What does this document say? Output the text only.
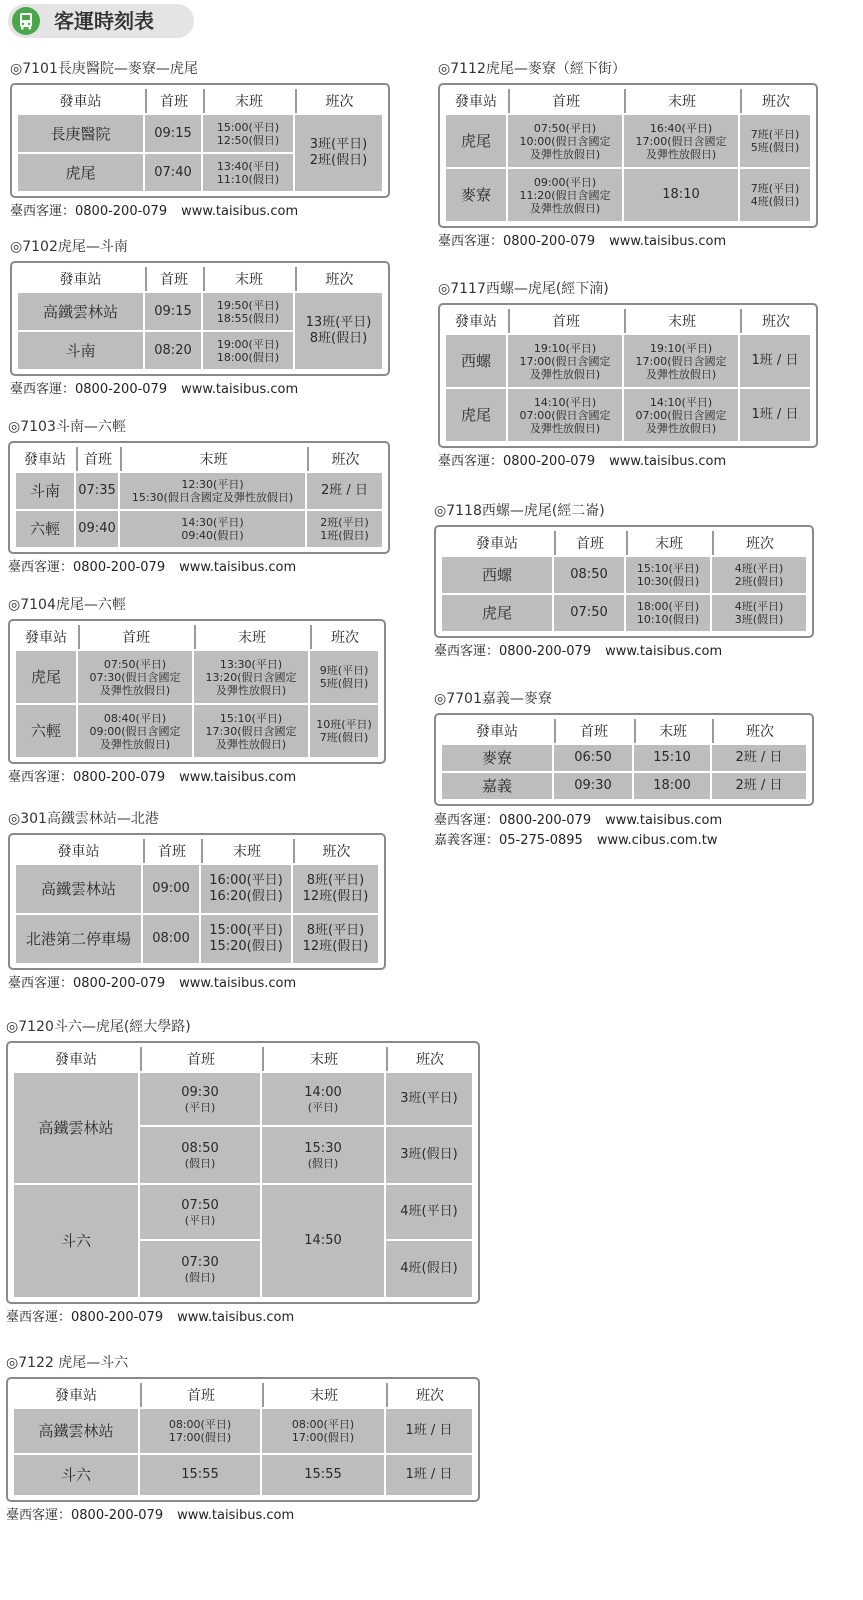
客運時刻表
◎7101長庚醫院—麥寮—虎尾
發車站	首班	末班	班次
長庚醫院	09:15	15:00(平日)
12:50(假日)	3班(平日)
2班(假日)

虎尾	07:40	13:40(平日)
11:10(假日)	
臺西客運：0800-200-079 www.taisibus.com
◎7102虎尾—斗南
發車站	首班	末班	班次
高鐵雲林站	09:15	19:50(平日)
18:55(假日)	13班(平日)
8班(假日)

斗南	08:20	19:00(平日)
18:00(假日)	
臺西客運：0800-200-079 www.taisibus.com
◎7103斗南—六輕
發車站	首班	末班	班次
斗南	07:35	12:30(平日)
15:30(假日含國定及彈性放假日)	2班 / 日
六輕	09:40	14:30(平日)
09:40(假日)	2班(平日)
1班(假日)
臺西客運：0800-200-079 www.taisibus.com
◎7104虎尾—六輕
發車站	首班	末班	班次
虎尾	07:50(平日)
07:30(假日含國定
及彈性放假日)	13:30(平日)
13:20(假日含國定
及彈性放假日)	9班(平日)
5班(假日)

六輕	08:40(平日)
09:00(假日含國定
及彈性放假日)	15:10(平日)
17:30(假日含國定
及彈性放假日)	10班(平日)
7班(假日)
臺西客運：0800-200-079 www.taisibus.com
◎301高鐵雲林站—北港
發車站	首班	末班	班次
高鐵雲林站	09:00	16:00(平日)
16:20(假日)	8班(平日)
12班(假日)

北港第二停車場	08:00	15:00(平日)
15:20(假日)	8班(平日)
12班(假日)
臺西客運：0800-200-079 www.taisibus.com
◎7120斗六—虎尾(經大學路)
發車站	首班	末班	班次
高鐵雲林站	09:30
(平日)	14:00
(平日)	3班(平日)

	08:50
(假日)	15:30
(假日)	3班(假日)
斗六	07:50
(平日)	14:50	4班(平日)

	07:30
(假日)		4班(假日)
臺西客運：0800-200-079 www.taisibus.com
◎7122 虎尾—斗六
發車站	首班	末班	班次
高鐵雲林站	08:00(平日)
17:00(假日)	08:00(平日)
17:00(假日)	1班 / 日
斗六	15:55	15:55	1班 / 日
臺西客運：0800-200-079 www.taisibus.com
◎7112虎尾—麥寮（經下街）
發車站	首班	末班	班次
虎尾	07:50(平日)
10:00(假日含國定
及彈性放假日)	16:40(平日)
17:00(假日含國定
及彈性放假日)	7班(平日)
5班(假日)

麥寮	09:00(平日)
11:20(假日含國定
及彈性放假日)	18:10	7班(平日)
4班(假日)
臺西客運：0800-200-079 www.taisibus.com
◎7117西螺—虎尾(經下湳)
發車站	首班	末班	班次
西螺	19:10(平日)
17:00(假日含國定
及彈性放假日)	19:10(平日)
17:00(假日含國定
及彈性放假日)	1班 / 日
虎尾	14:10(平日)
07:00(假日含國定
及彈性放假日)	14:10(平日)
07:00(假日含國定
及彈性放假日)	1班 / 日
臺西客運：0800-200-079 www.taisibus.com
◎7118西螺—虎尾(經二崙)
發車站	首班	末班	班次
西螺	08:50	15:10(平日)
10:30(假日)	4班(平日)
2班(假日)

虎尾	07:50	18:00(平日)
10:10(假日)	4班(平日)
3班(假日)
臺西客運：0800-200-079 www.taisibus.com
◎7701嘉義—麥寮
發車站	首班	末班	班次
麥寮	06:50	15:10	2班 / 日
嘉義	09:30	18:00	2班 / 日
臺西客運：0800-200-079 www.taisibus.com
嘉義客運：05-275-0895 www.cibus.com.tw
